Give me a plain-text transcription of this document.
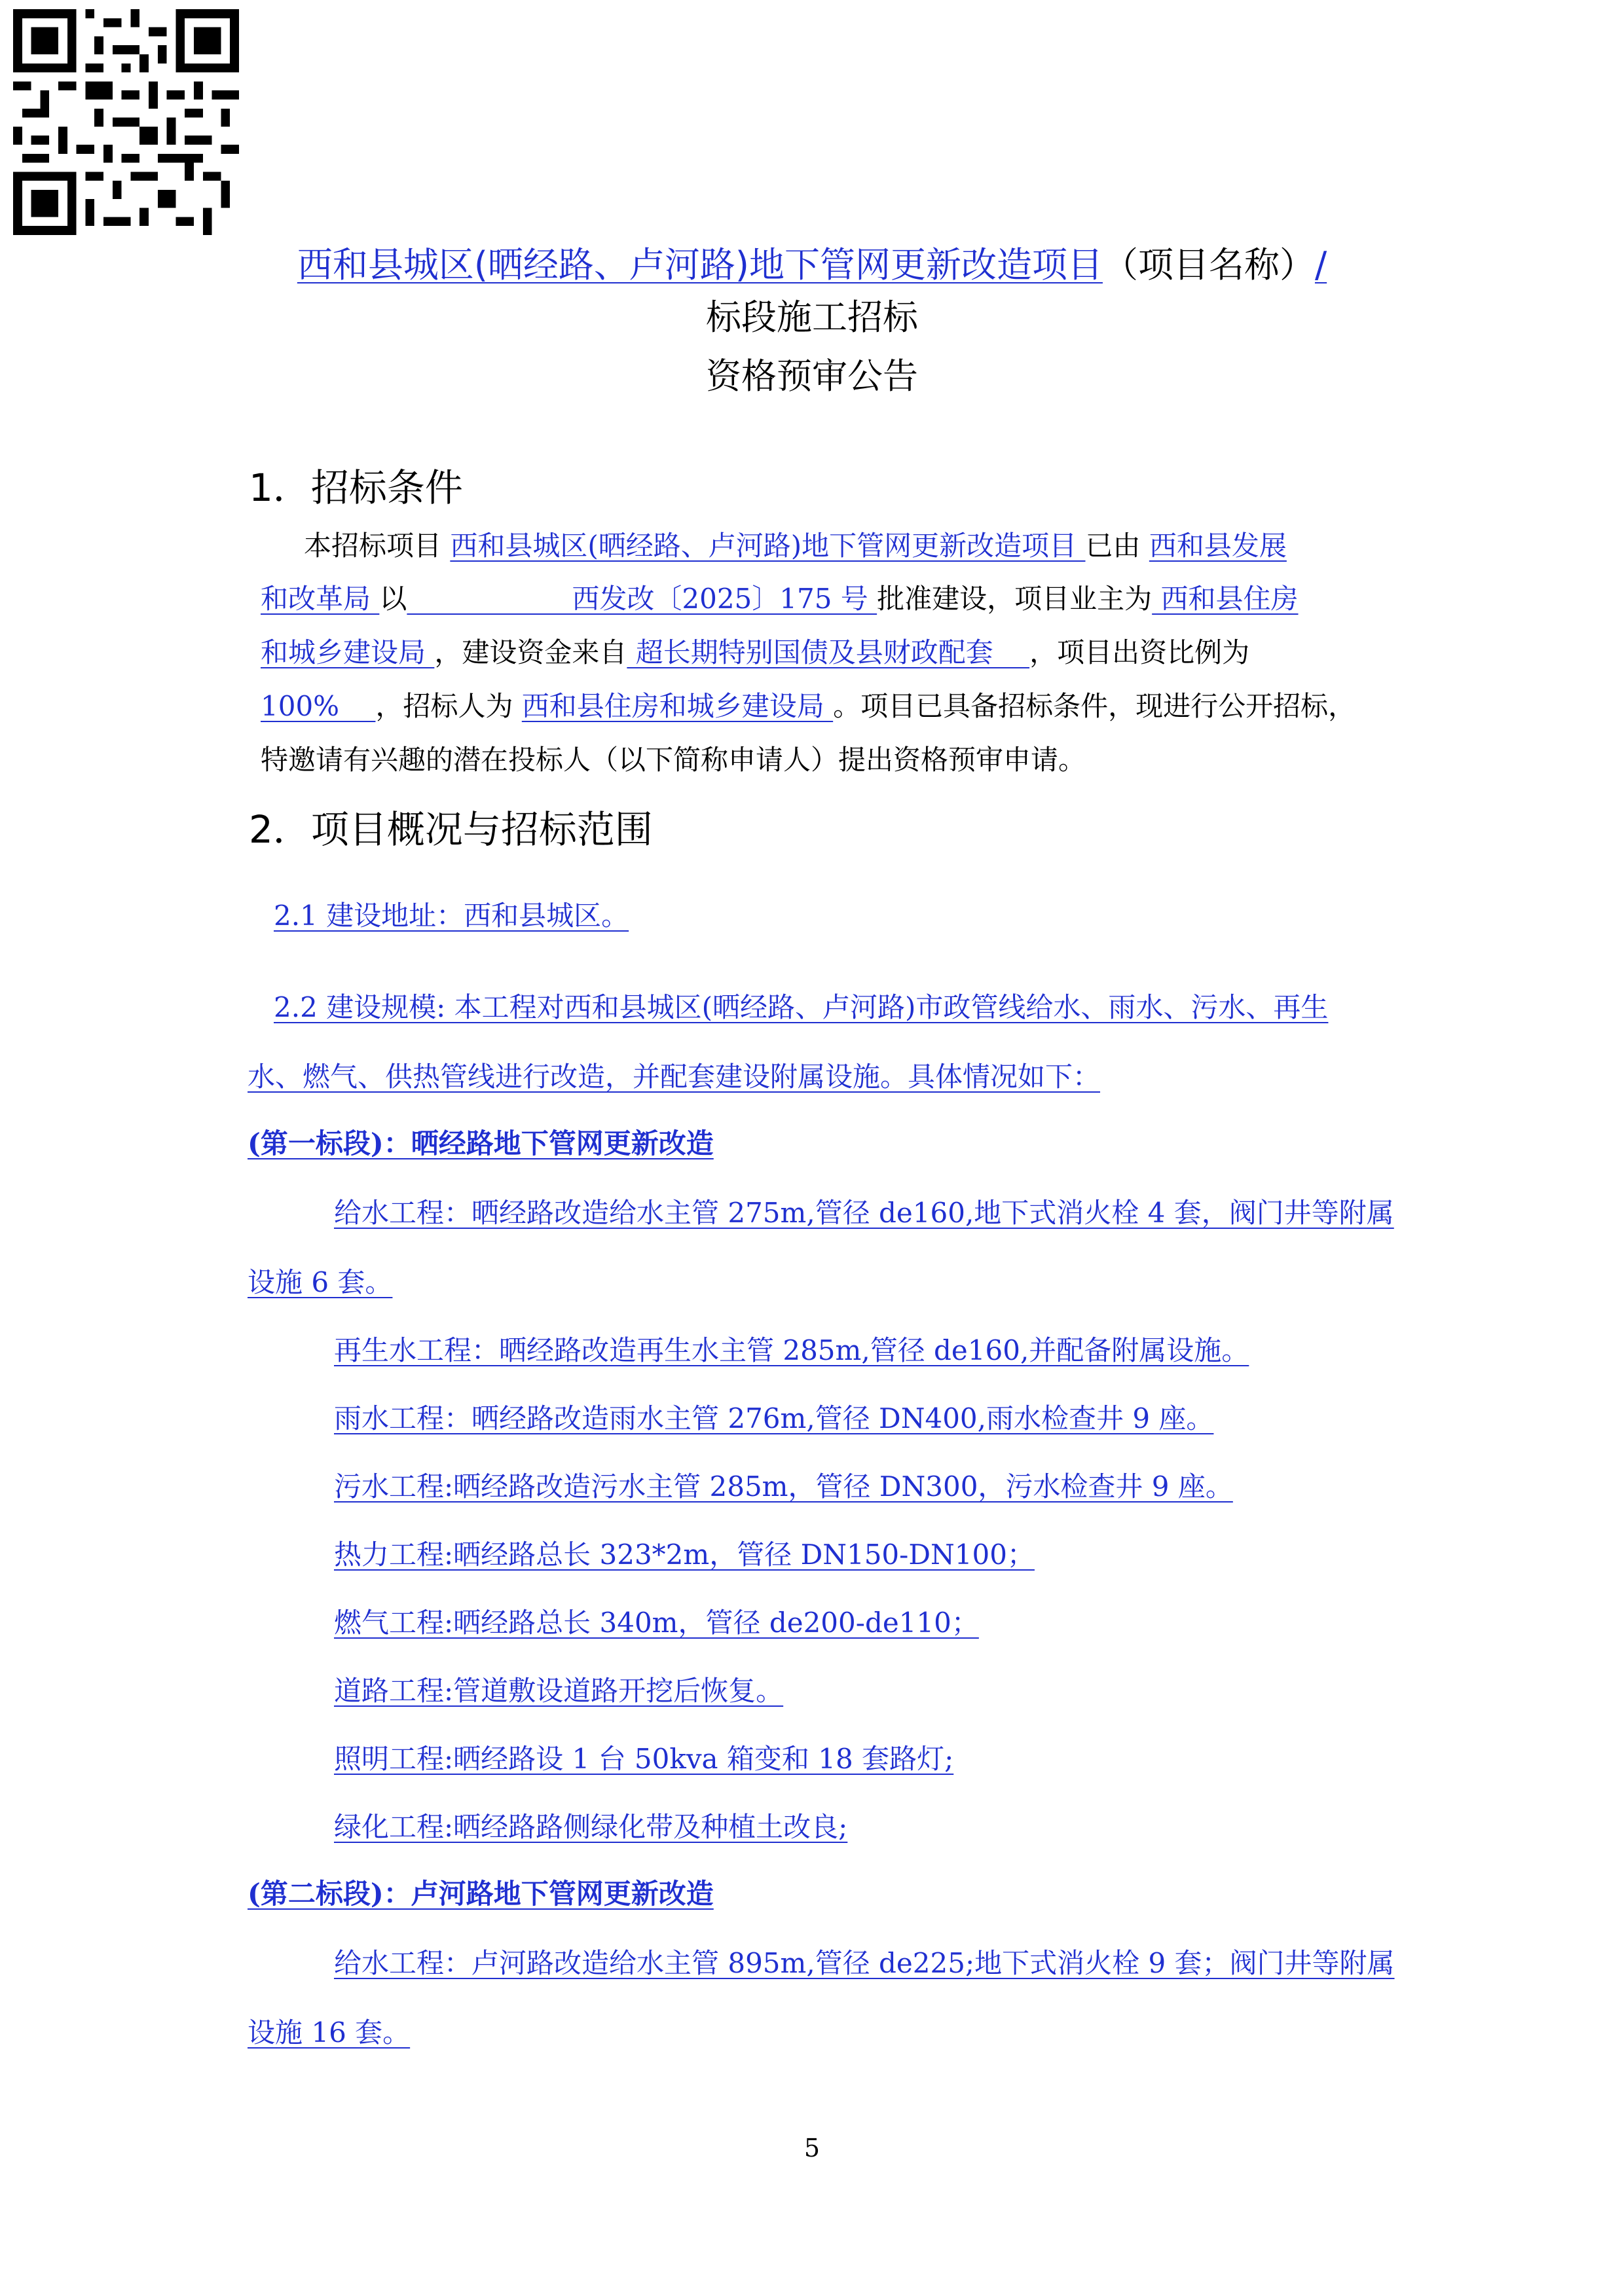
西和县城区(晒经路、卢河路)地下管网更新改造项目（项目名称）/
标段施工招标
资格预审公告
1．招标条件
本招标项目 西和县城区(晒经路、卢河路)地下管网更新改造项目 已由 西和县发展
和改革局 以　　　　　　西发改〔2025〕175 号 批准建设，项目业主为 西和县住房
和城乡建设局 ，建设资金来自 超长期特别国债及县财政配套 　，项目出资比例为
100%　 ，招标人为 西和县住房和城乡建设局 。项目已具备招标条件，现进行公开招标，
特邀请有兴趣的潜在投标人（以下简称申请人）提出资格预审申请。
2．项目概况与招标范围
2.1 建设地址：西和县城区。
2.2 建设规模: 本工程对西和县城区(晒经路、卢河路)市政管线给水、雨水、污水、再生
水、燃气、供热管线进行改造，并配套建设附属设施。具体情况如下：
(第一标段)：晒经路地下管网更新改造
给水工程：晒经路改造给水主管 275m,管径 de160,地下式消火栓 4 套，阀门井等附属
设施 6 套。
再生水工程：晒经路改造再生水主管 285m,管径 de160,并配备附属设施。
雨水工程：晒经路改造雨水主管 276m,管径 DN400,雨水检查井 9 座。
污水工程:晒经路改造污水主管 285m，管径 DN300，污水检查井 9 座。
热力工程:晒经路总长 323*2m，管径 DN150-DN100；
燃气工程:晒经路总长 340m，管径 de200-de110；
道路工程:管道敷设道路开挖后恢复。
照明工程:晒经路设 1 台 50kva 箱变和 18 套路灯;
绿化工程:晒经路路侧绿化带及种植土改良;
(第二标段)：卢河路地下管网更新改造
给水工程：卢河路改造给水主管 895m,管径 de225;地下式消火栓 9 套；阀门井等附属
设施 16 套。
5
